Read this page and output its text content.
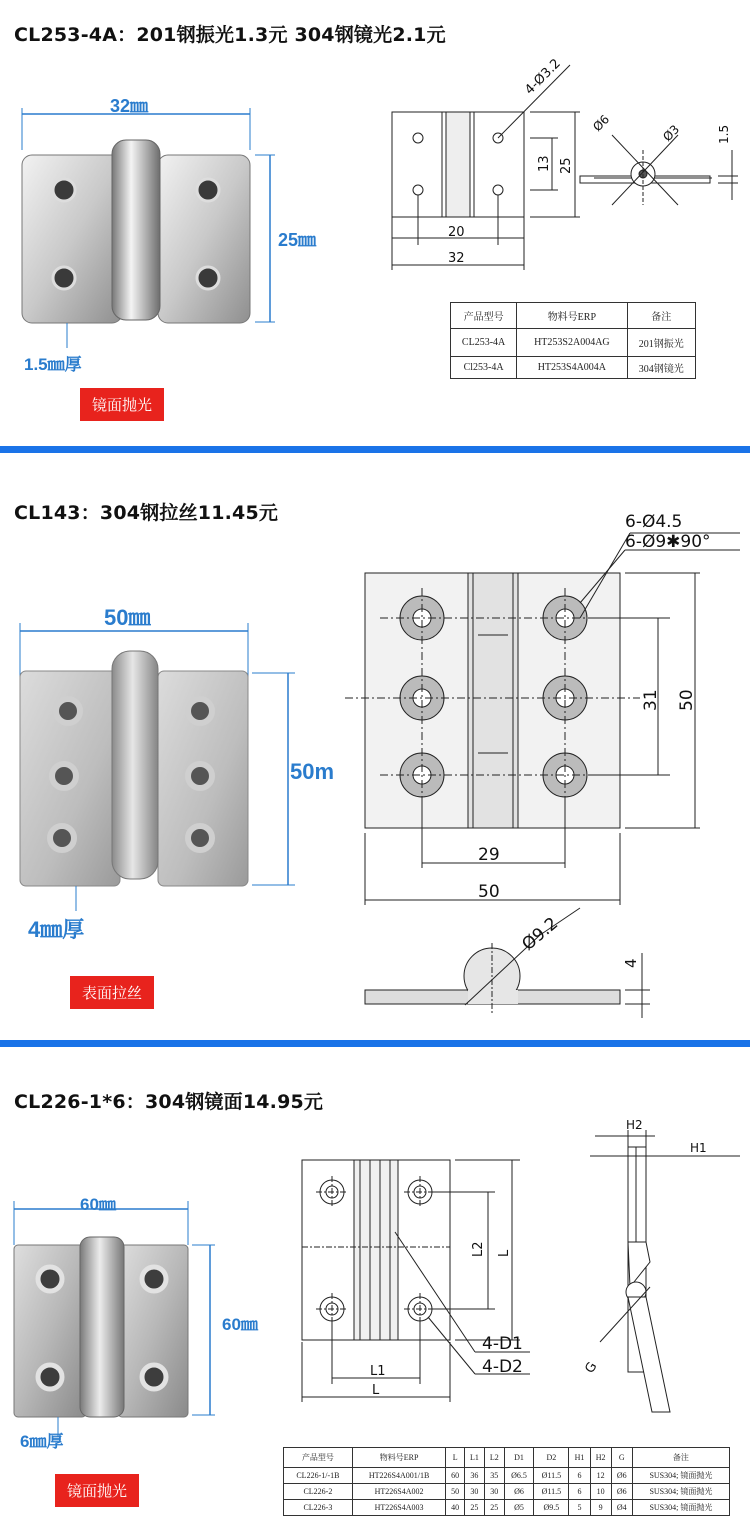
CL253-4A：201钢振光1.3元 304钢镜光2.1元
32㎜
25㎜
1.5㎜厚
镜面抛光
4-Ø3.2
13 25
20
32
Ø6	Ø3	1.5
产品型号	物料号ERP	备注
CL253-4A	HT253S2A004AG	201钢振光
Cl253-4A	HT253S4A004A	304钢镜光
CL143：304钢拉丝11.45元
50㎜
50m
4㎜厚
表面拉丝
6-Ø4.5
6-Ø9✱90°
31 50
29
50
Ø9.2
4
CL226-1*6：304钢镜面14.95元
60㎜
60㎜
6㎜厚
镜面抛光
L2 L
L1
L
4-D1
4-D2
H2
H1
G
产品型号	物料号ERP	L	L1	L2	D1	D2	H1	H2	G	备注
CL226-1/-1B	HT226S4A001/1B	60	36	35	Ø6.5	Ø11.5	6	12	Ø6	SUS304; 镜面抛光
CL226-2	HT226S4A002	50	30	30	Ø6	Ø11.5	6	10	Ø6	SUS304; 镜面抛光
CL226-3	HT226S4A003	40	25	25	Ø5	Ø9.5	5	9	Ø4	SUS304; 镜面抛光
